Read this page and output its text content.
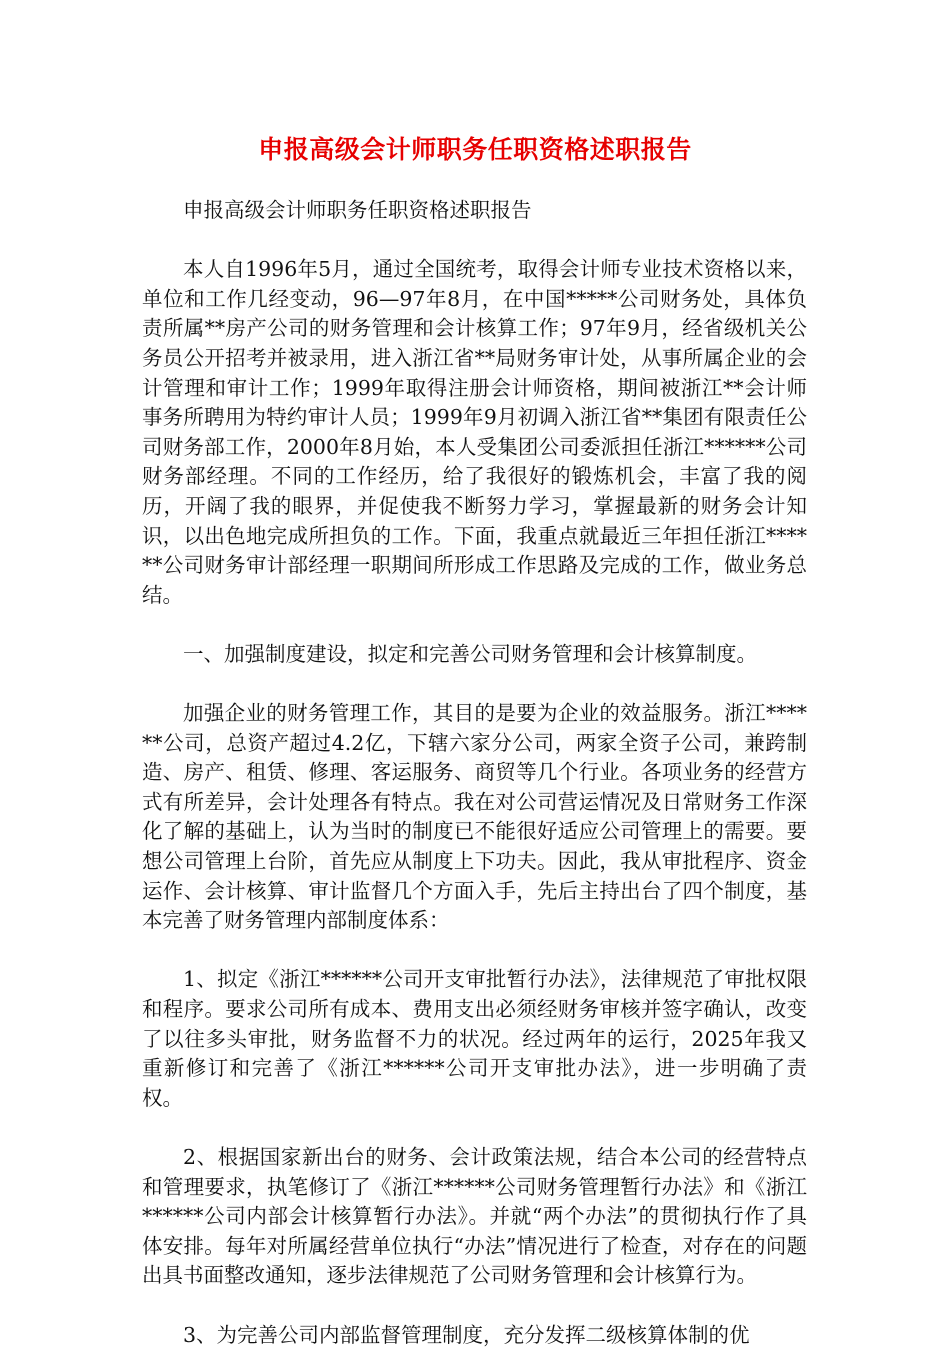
申报高级会计师职务任职资格述职报告

申报高级会计师职务任职资格述职报告

本人自1996年5月，通过全国统考，取得会计师专业技术资格以来，单位和工作几经变动，96—97年8月，在中国*****公司财务处，具体负责所属**房产公司的财务管理和会计核算工作；97年9月，经省级机关公务员公开招考并被录用，进入浙江省**局财务审计处，从事所属企业的会计管理和审计工作；1999年取得注册会计师资格，期间被浙江**会计师事务所聘用为特约审计人员；1999年9月初调入浙江省**集团有限责任公司财务部工作，2000年8月始，本人受集团公司委派担任浙江******公司财务部经理。不同的工作经历，给了我很好的锻炼机会，丰富了我的阅历，开阔了我的眼界，并促使我不断努力学习，掌握最新的财务会计知识，以出色地完成所担负的工作。下面，我重点就最近三年担任浙江******公司财务审计部经理一职期间所形成工作思路及完成的工作，做业务总结。

一、加强制度建设，拟定和完善公司财务管理和会计核算制度。

加强企业的财务管理工作，其目的是要为企业的效益服务。浙江******公司，总资产超过4.2亿，下辖六家分公司，两家全资子公司，兼跨制造、房产、租赁、修理、客运服务、商贸等几个行业。各项业务的经营方式有所差异，会计处理各有特点。我在对公司营运情况及日常财务工作深化了解的基础上，认为当时的制度已不能很好适应公司管理上的需要。要想公司管理上台阶，首先应从制度上下功夫。因此，我从审批程序、资金运作、会计核算、审计监督几个方面入手，先后主持出台了四个制度，基本完善了财务管理内部制度体系：

1、拟定《浙江******公司开支审批暂行办法》，法律规范了审批权限和程序。要求公司所有成本、费用支出必须经财务审核并签字确认，改变了以往多头审批，财务监督不力的状况。经过两年的运行，2025年我又重新修订和完善了《浙江******公司开支审批办法》，进一步明确了责权。

2、根据国家新出台的财务、会计政策法规，结合本公司的经营特点和管理要求，执笔修订了《浙江******公司财务管理暂行办法》和《浙江******公司内部会计核算暂行办法》。并就“两个办法”的贯彻执行作了具体安排。每年对所属经营单位执行“办法”情况进行了检查，对存在的问题出具书面整改通知，逐步法律规范了公司财务管理和会计核算行为。

3、为完善公司内部监督管理制度，充分发挥二级核算体制的优
